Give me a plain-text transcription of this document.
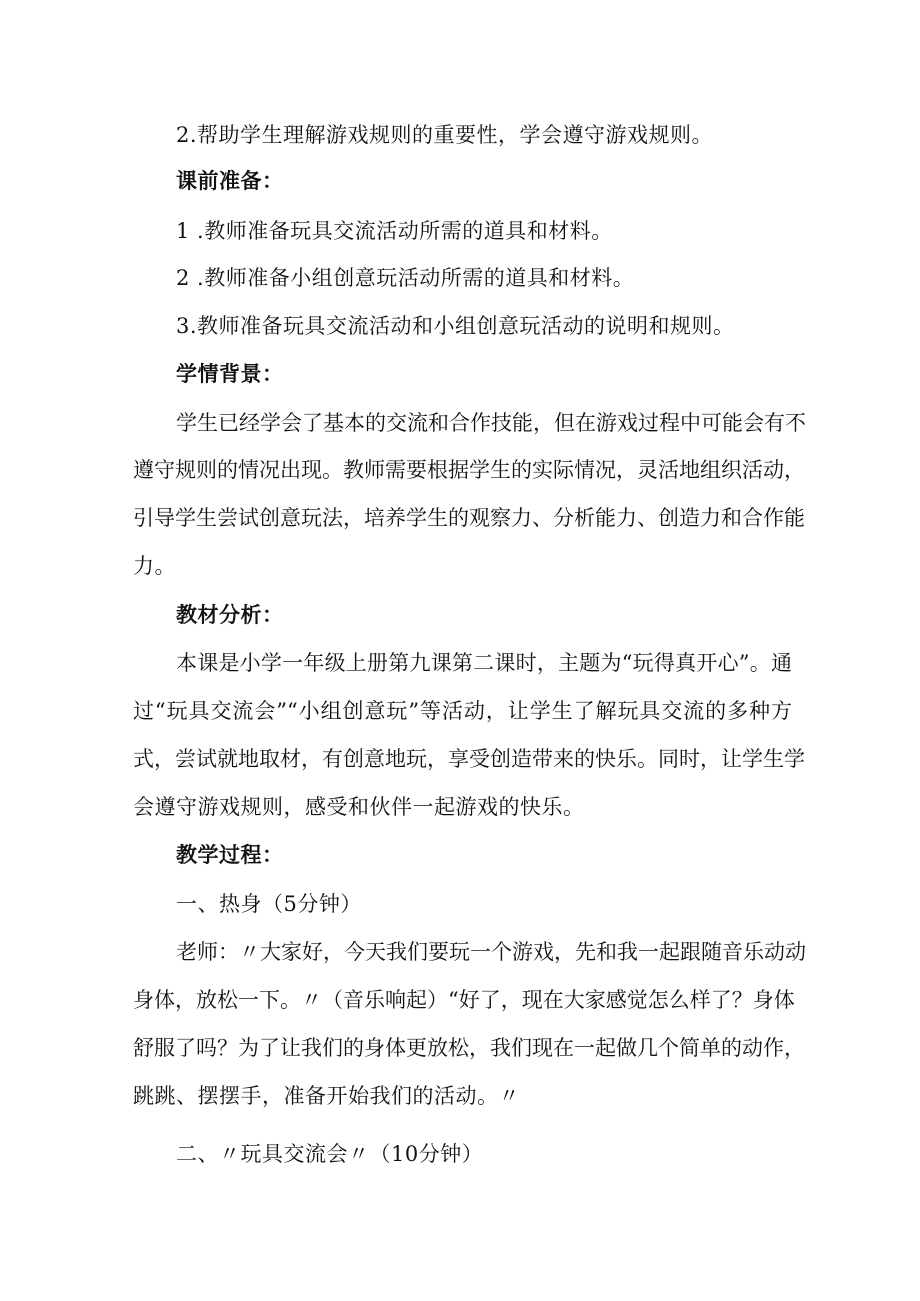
2.帮助学生理解游戏规则的重要性，学会遵守游戏规则。
课前准备：
1 .教师准备玩具交流活动所需的道具和材料。
2 .教师准备小组创意玩活动所需的道具和材料。
3.教师准备玩具交流活动和小组创意玩活动的说明和规则。
学情背景：
学生已经学会了基本的交流和合作技能，但在游戏过程中可能会有不
遵守规则的情况出现。教师需要根据学生的实际情况，灵活地组织活动，
引导学生尝试创意玩法，培养学生的观察力、分析能力、创造力和合作能
力。
教材分析：
本课是小学一年级上册第九课第二课时，主题为“玩得真开心”。通
过“玩具交流会”“小组创意玩”等活动，让学生了解玩具交流的多种方
式，尝试就地取材，有创意地玩，享受创造带来的快乐。同时，让学生学
会遵守游戏规则，感受和伙伴一起游戏的快乐。
教学过程：
一、热身（5分钟）
老师：〃大家好，今天我们要玩一个游戏，先和我一起跟随音乐动动
身体，放松一下。〃（音乐响起）“好了，现在大家感觉怎么样了？身体
舒服了吗？为了让我们的身体更放松，我们现在一起做几个简单的动作，
跳跳、摆摆手，准备开始我们的活动。〃
二、〃玩具交流会〃（10分钟）
